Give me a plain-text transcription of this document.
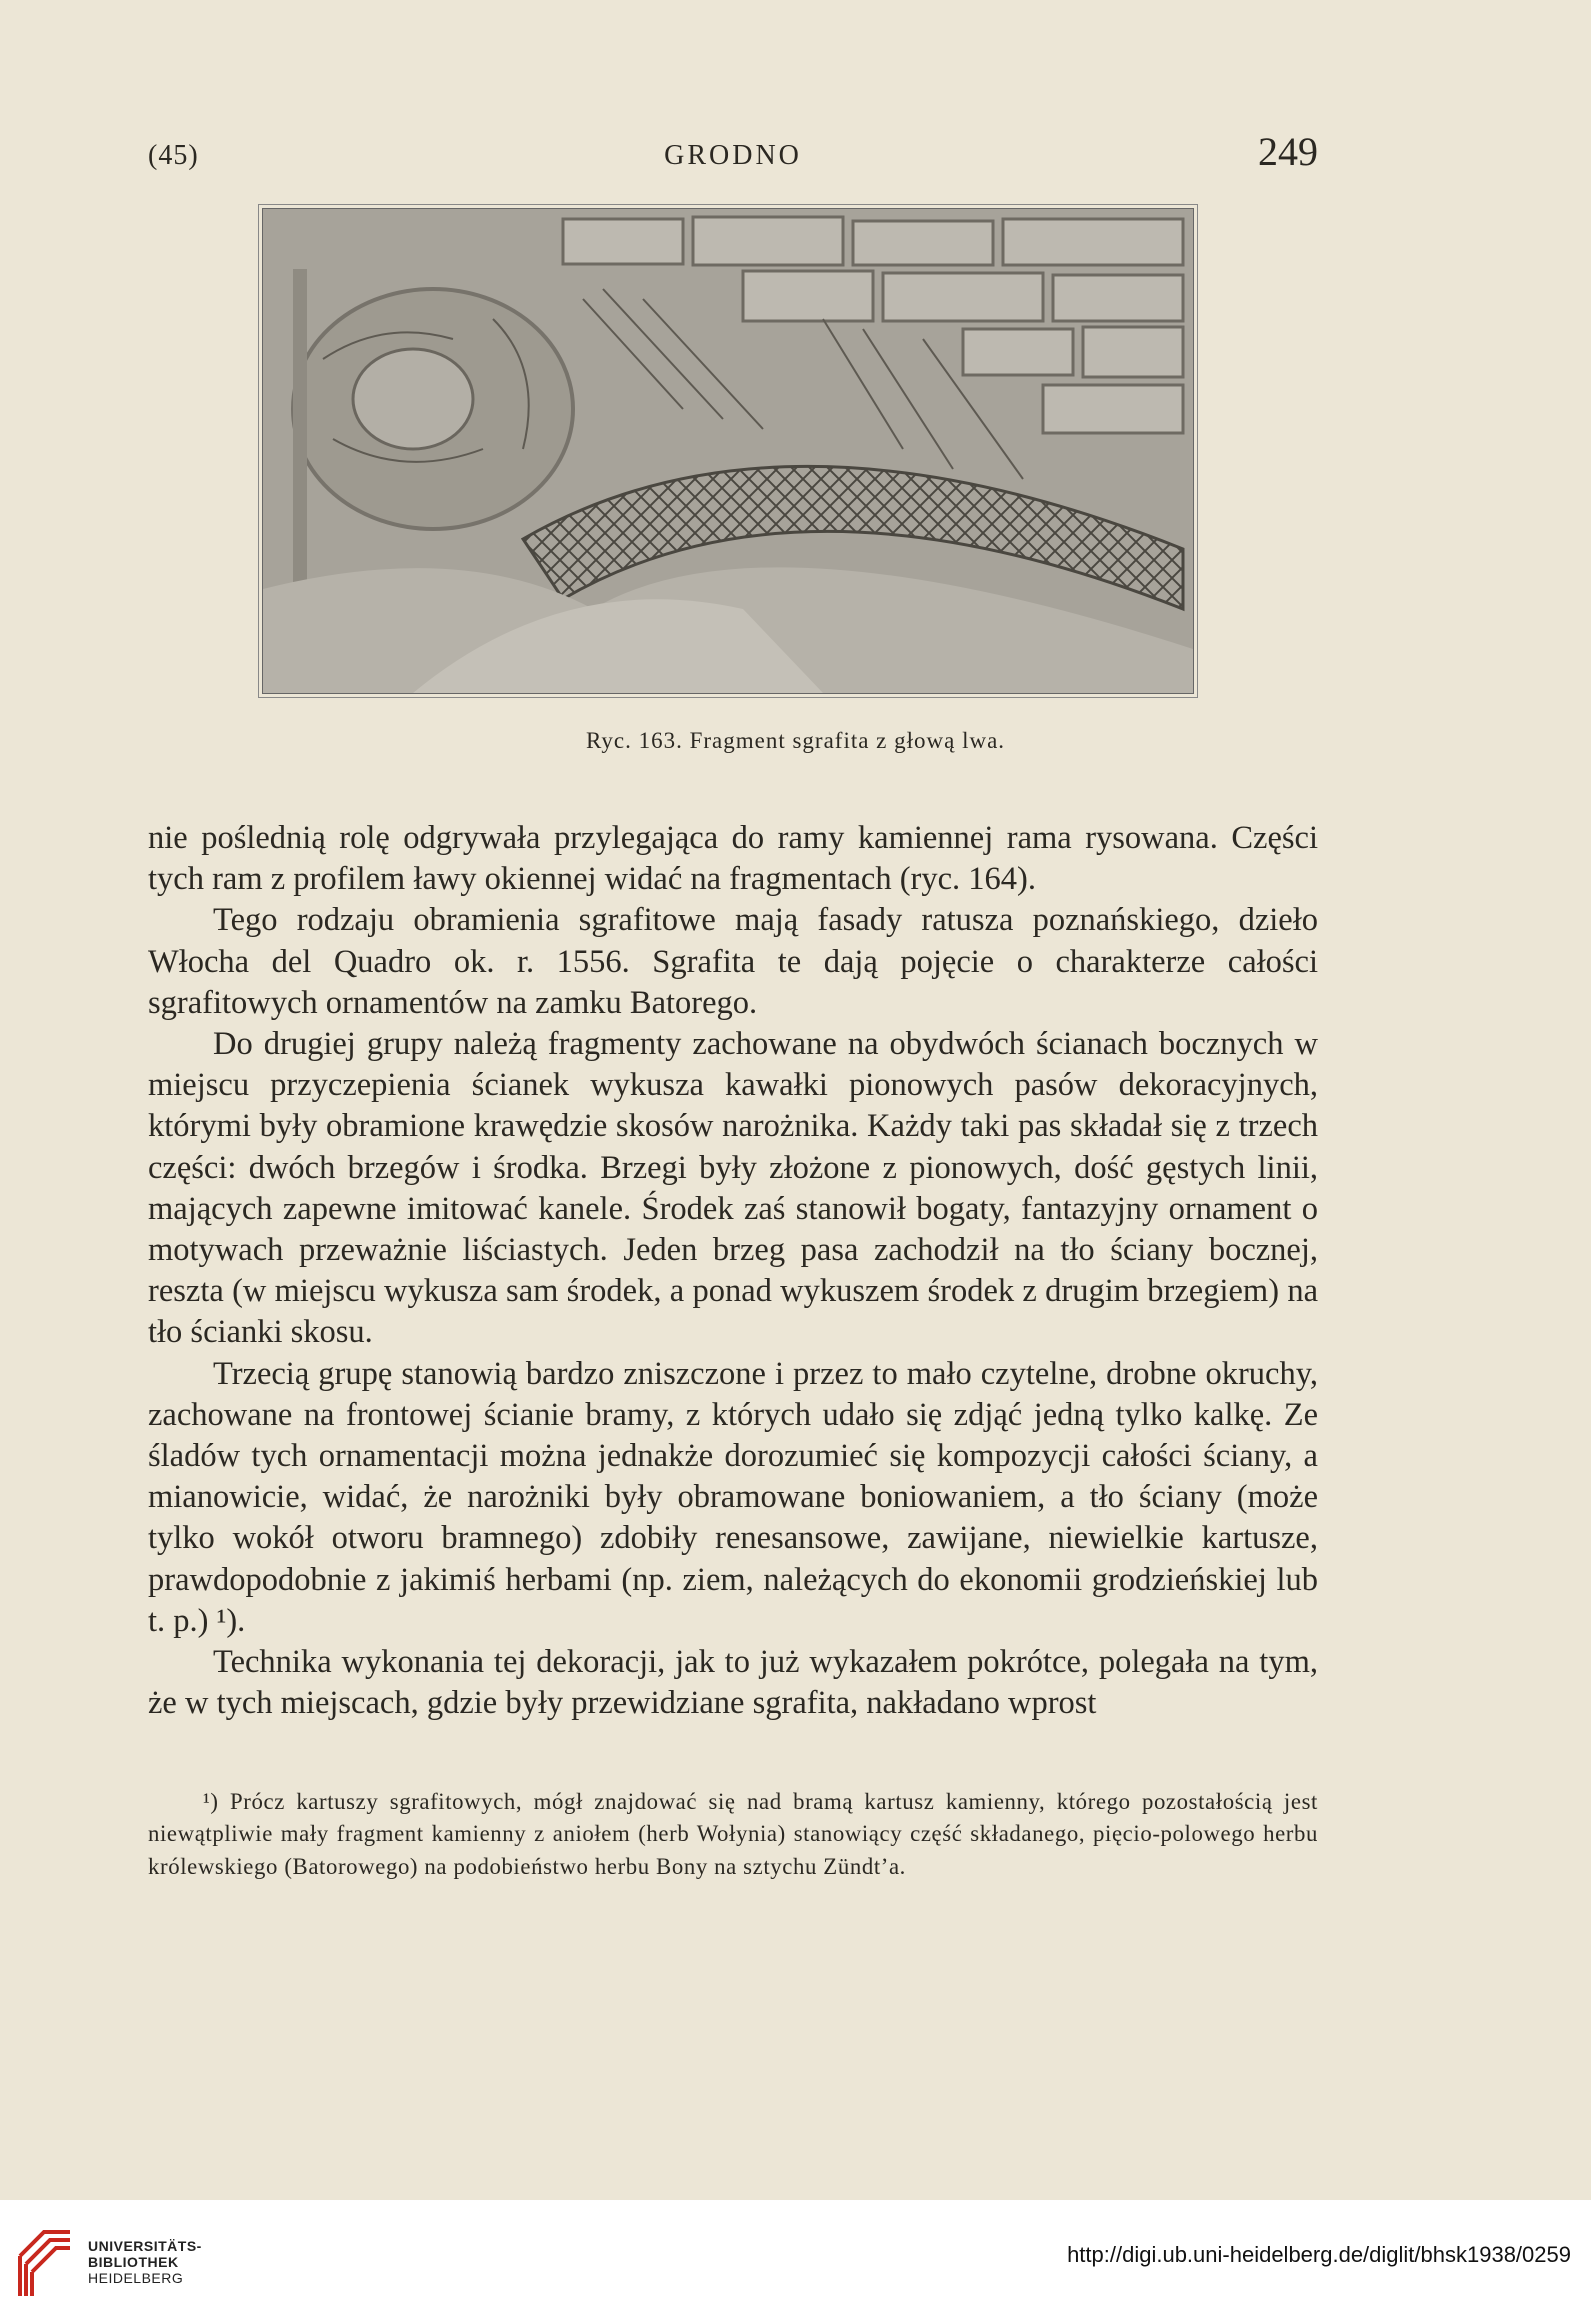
(45)	GRODNO	249
Ryc. 163. Fragment sgrafita z głową lwa.

nie poślednią rolę odgrywała przylegająca do ramy kamiennej rama rysowana. Części tych ram z profilem ławy okiennej widać na fragmentach (ryc. 164).

Tego rodzaju obramienia sgrafitowe mają fasady ratusza poznańskiego, dzieło Włocha del Quadro ok. r. 1556. Sgrafita te dają pojęcie o charakterze całości sgrafitowych ornamentów na zamku Batorego.

Do drugiej grupy należą fragmenty zachowane na obydwóch ścianach bocznych w miejscu przyczepienia ścianek wykusza kawałki pionowych pasów dekoracyjnych, którymi były obramione krawędzie skosów narożnika. Każdy taki pas składał się z trzech części: dwóch brzegów i środka. Brzegi były złożone z pionowych, dość gęstych linii, mających zapewne imitować kanele. Środek zaś stanowił bogaty, fantazyjny ornament o motywach przeważnie liściastych. Jeden brzeg pasa zachodził na tło ściany bocznej, reszta (w miejscu wykusza sam środek, a ponad wykuszem środek z drugim brzegiem) na tło ścianki skosu.

Trzecią grupę stanowią bardzo zniszczone i przez to mało czytelne, drobne okruchy, zachowane na frontowej ścianie bramy, z których udało się zdjąć jedną tylko kalkę. Ze śladów tych ornamentacji można jednakże dorozumieć się kompozycji całości ściany, a mianowicie, widać, że narożniki były obramowane boniowaniem, a tło ściany (może tylko wokół otworu bramnego) zdobiły renesansowe, zawijane, niewielkie kartusze, prawdopodobnie z jakimiś herbami (np. ziem, należących do ekonomii grodzieńskiej lub t. p.) ¹).

Technika wykonania tej dekoracji, jak to już wykazałem pokrótce, polegała na tym, że w tych miejscach, gdzie były przewidziane sgrafita, nakładano wprost

¹) Prócz kartuszy sgrafitowych, mógł znajdować się nad bramą kartusz kamienny, którego pozostałością jest niewątpliwie mały fragment kamienny z aniołem (herb Wołynia) stanowiący część składanego, pięcio-polowego herbu królewskiego (Batorowego) na podobieństwo herbu Bony na sztychu Zündt’a.
UNIVERSITÄTS-
BIBLIOTHEK
HEIDELBERG
http://digi.ub.uni-heidelberg.de/diglit/bhsk1938/0259
